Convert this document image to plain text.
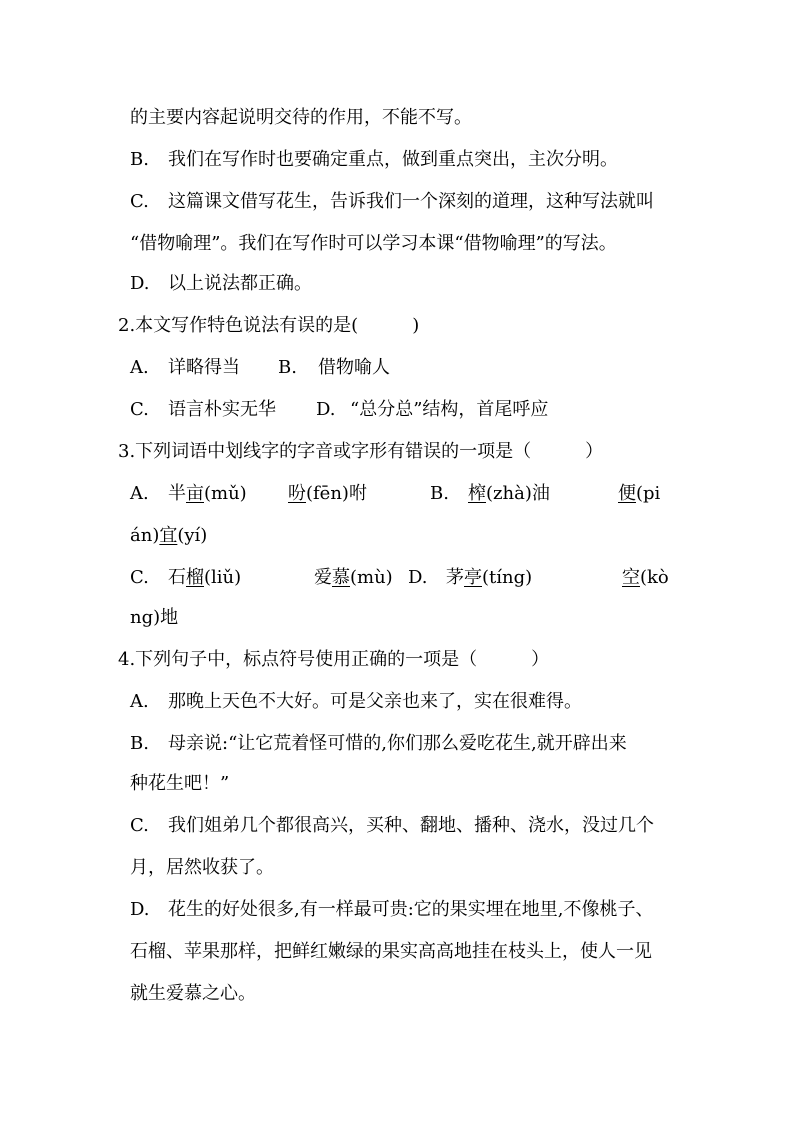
的主要内容起说明交待的作用，不能不写。
B. 我们在写作时也要确定重点，做到重点突出，主次分明。
C. 这篇课文借写花生，告诉我们一个深刻的道理，这种写法就叫
“借物喻理”。我们在写作时可以学习本课“借物喻理”的写法。
D. 以上说法都正确。
2.本文写作特色说法有误的是(　　　)
A. 详略得当 B. 借物喻人
C. 语言朴实无华 D. “总分总”结构，首尾呼应
3.下列词语中划线字的字音或字形有错误的一项是（　　　）
A. 半亩(mǔ) 吩(fēn)咐	B. 榨(zhà)油	便(pi
án)宜(yí)
C. 石榴(liǔ)	爱慕(mù) D. 茅亭(tíng)	空(kò
ng)地
4.下列句子中，标点符号使用正确的一项是（　　　）
A. 那晚上天色不大好。可是父亲也来了，实在很难得。
B. 母亲说:“让它荒着怪可惜的,你们那么爱吃花生,就开辟出来
种花生吧！”
C. 我们姐弟几个都很高兴，买种、翻地、播种、浇水，没过几个
月，居然收获了。
D. 花生的好处很多,有一样最可贵:它的果实埋在地里,不像桃子、
石榴、苹果那样，把鲜红嫩绿的果实高高地挂在枝头上，使人一见
就生爱慕之心。
